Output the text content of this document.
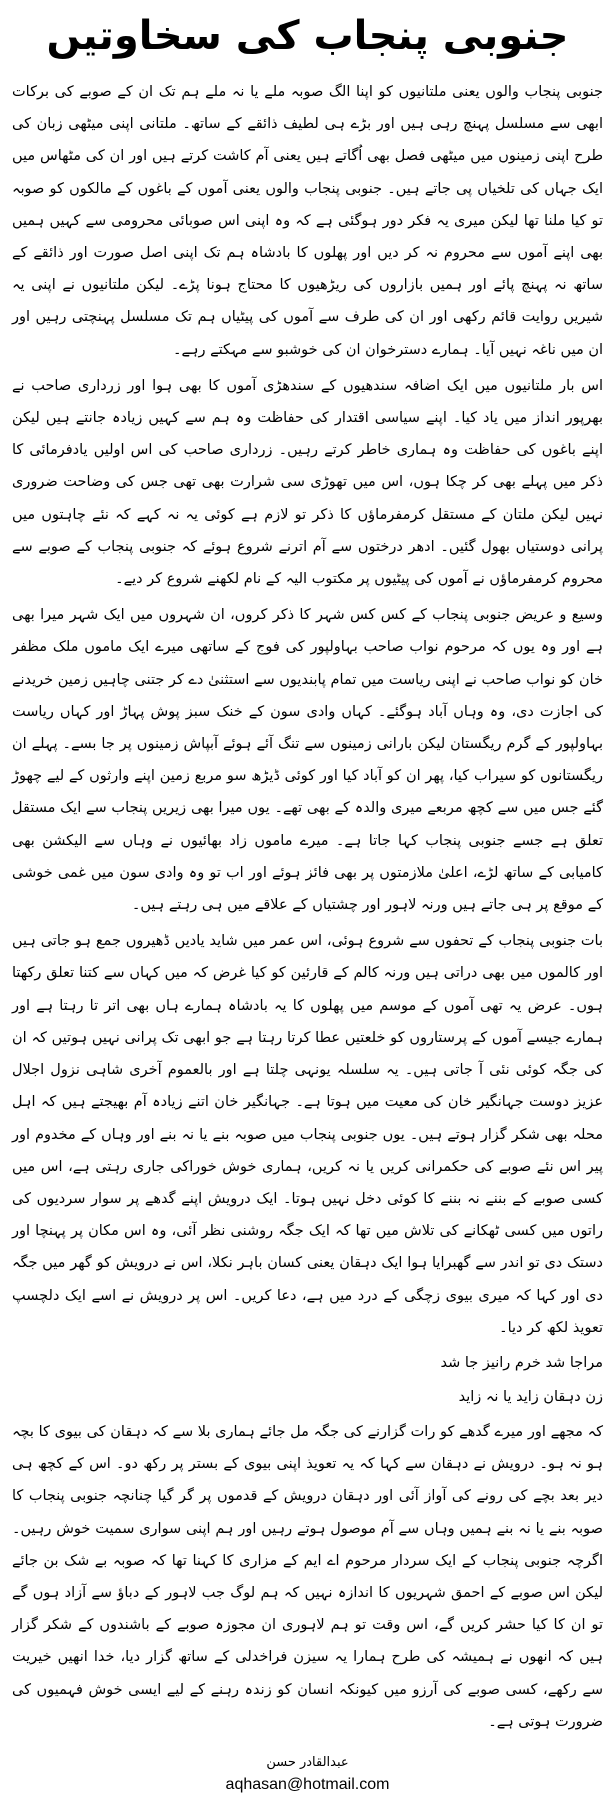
جنوبی پنجاب کی سخاوتیں

جنوبی پنجاب والوں یعنی ملتانیوں کو اپنا الگ صوبہ ملے یا نہ ملے ہم تک ان کے صوبے کی برکات ابھی سے مسلسل پہنچ رہی ہیں اور بڑے ہی لطیف ذائقے کے ساتھ۔ ملتانی اپنی میٹھی زبان کی طرح اپنی زمینوں میں میٹھی فصل بھی اُگاتے ہیں یعنی آم کاشت کرتے ہیں اور ان کی مٹھاس میں ایک جہاں کی تلخیاں پی جاتے ہیں۔ جنوبی پنجاب والوں یعنی آموں کے باغوں کے مالکوں کو صوبہ تو کیا ملنا تھا لیکن میری یہ فکر دور ہوگئی ہے کہ وہ اپنی اس صوبائی محرومی سے کہیں ہمیں بھی اپنے آموں سے محروم نہ کر دیں اور پھلوں کا بادشاہ ہم تک اپنی اصل صورت اور ذائقے کے ساتھ نہ پہنچ پائے اور ہمیں بازاروں کی ریڑھیوں کا محتاج ہونا پڑے۔ لیکن ملتانیوں نے اپنی یہ شیریں روایت قائم رکھی اور ان کی طرف سے آموں کی پیٹیاں ہم تک مسلسل پہنچتی رہیں اور ان میں ناغہ نہیں آیا۔ ہمارے دسترخوان ان کی خوشبو سے مہکتے رہے۔

اس بار ملتانیوں میں ایک اضافہ سندھیوں کے سندھڑی آموں کا بھی ہوا اور زرداری صاحب نے بھرپور انداز میں یاد کیا۔ اپنے سیاسی اقتدار کی حفاظت وہ ہم سے کہیں زیادہ جانتے ہیں لیکن اپنے باغوں کی حفاظت وہ ہماری خاطر کرتے رہیں۔ زرداری صاحب کی اس اولیں یادفرمائی کا ذکر میں پہلے بھی کر چکا ہوں، اس میں تھوڑی سی شرارت بھی تھی جس کی وضاحت ضروری نہیں لیکن ملتان کے مستقل کرمفرماؤں کا ذکر تو لازم ہے کوئی یہ نہ کہے کہ نئے چاہتوں میں پرانی دوستیاں بھول گئیں۔ ادھر درختوں سے آم اترنے شروع ہوئے کہ جنوبی پنجاب کے صوبے سے محروم کرمفرماؤں نے آموں کی پیٹیوں پر مکتوب الیہ کے نام لکھنے شروع کر دیے۔

وسیع و عریض جنوبی پنجاب کے کس کس شہر کا ذکر کروں، ان شہروں میں ایک شہر میرا بھی ہے اور وہ یوں کہ مرحوم نواب صاحب بہاولپور کی فوج کے ساتھی میرے ایک ماموں ملک مظفر خان کو نواب صاحب نے اپنی ریاست میں تمام پابندیوں سے استثنیٰ دے کر جتنی چاہیں زمین خریدنے کی اجازت دی، وہ وہاں آباد ہوگئے۔ کہاں وادی سون کے خنک سبز پوش پہاڑ اور کہاں ریاست بہاولپور کے گرم ریگستان لیکن بارانی زمینوں سے تنگ آئے ہوئے آبپاش زمینوں پر جا بسے۔ پہلے ان ریگستانوں کو سیراب کیا، پھر ان کو آباد کیا اور کوئی ڈیڑھ سو مربع زمین اپنے وارثوں کے لیے چھوڑ گئے جس میں سے کچھ مربعے میری والدہ کے بھی تھے۔ یوں میرا بھی زیریں پنجاب سے ایک مستقل تعلق ہے جسے جنوبی پنجاب کہا جاتا ہے۔ میرے ماموں زاد بھائیوں نے وہاں سے الیکشن بھی کامیابی کے ساتھ لڑے، اعلیٰ ملازمتوں پر بھی فائز ہوئے اور اب تو وہ وادی سون میں غمی خوشی کے موقع پر ہی جاتے ہیں ورنہ لاہور اور چشتیاں کے علاقے میں ہی رہتے ہیں۔

بات جنوبی پنجاب کے تحفوں سے شروع ہوئی، اس عمر میں شاید یادیں ڈھیروں جمع ہو جاتی ہیں اور کالموں میں بھی دراتی ہیں ورنہ کالم کے قارئین کو کیا غرض کہ میں کہاں سے کتنا تعلق رکھتا ہوں۔ عرض یہ تھی آموں کے موسم میں پھلوں کا یہ بادشاہ ہمارے ہاں بھی اتر تا رہتا ہے اور ہمارے جیسے آموں کے پرستاروں کو خلعتیں عطا کرتا رہتا ہے جو ابھی تک پرانی نہیں ہوتیں کہ ان کی جگہ کوئی نئی آ جاتی ہیں۔ یہ سلسلہ یونہی چلتا ہے اور بالعموم آخری شاہی نزول اجلال عزیز دوست جہانگیر خان کی معیت میں ہوتا ہے۔ جہانگیر خان اتنے زیادہ آم بھیجتے ہیں کہ اہل محلہ بھی شکر گزار ہوتے ہیں۔ یوں جنوبی پنجاب میں صوبہ بنے یا نہ بنے اور وہاں کے مخدوم اور پیر اس نئے صوبے کی حکمرانی کریں یا نہ کریں، ہماری خوش خوراکی جاری رہتی ہے، اس میں کسی صوبے کے بننے نہ بننے کا کوئی دخل نہیں ہوتا۔ ایک درویش اپنے گدھے پر سوار سردیوں کی راتوں میں کسی ٹھکانے کی تلاش میں تھا کہ ایک جگہ روشنی نظر آئی، وہ اس مکان پر پہنچا اور دستک دی تو اندر سے گھبرایا ہوا ایک دہقان یعنی کسان باہر نکلا، اس نے درویش کو گھر میں جگہ دی اور کہا کہ میری بیوی زچگی کے درد میں ہے، دعا کریں۔ اس پر درویش نے اسے ایک دلچسپ تعویذ لکھ کر دیا۔

مراجا شد خرم رانیز جا شد
زن دہقان زاید یا نہ زاید

کہ مجھے اور میرے گدھے کو رات گزارنے کی جگہ مل جائے ہماری بلا سے کہ دہقان کی بیوی کا بچہ ہو نہ ہو۔ درویش نے دہقان سے کہا کہ یہ تعویذ اپنی بیوی کے بستر پر رکھ دو۔ اس کے کچھ ہی دیر بعد بچے کی رونے کی آواز آئی اور دہقان درویش کے قدموں پر گر گیا چنانچہ جنوبی پنجاب کا صوبہ بنے یا نہ بنے ہمیں وہاں سے آم موصول ہوتے رہیں اور ہم اپنی سواری سمیت خوش رہیں۔ اگرچہ جنوبی پنجاب کے ایک سردار مرحوم اے ایم کے مزاری کا کہنا تھا کہ صوبہ بے شک بن جائے لیکن اس صوبے کے احمق شہریوں کا اندازہ نہیں کہ ہم لوگ جب لاہور کے دباؤ سے آزاد ہوں گے تو ان کا کیا حشر کریں گے، اس وقت تو ہم لاہوری ان مجوزہ صوبے کے باشندوں کے شکر گزار ہیں کہ انھوں نے ہمیشہ کی طرح ہمارا یہ سیزن فراخدلی کے ساتھ گزار دیا، خدا انھیں خیریت سے رکھے، کسی صوبے کی آرزو میں کیونکہ انسان کو زندہ رہنے کے لیے ایسی خوش فہمیوں کی ضرورت ہوتی ہے۔

عبدالقادر حسن
aqhasan@hotmail.com
